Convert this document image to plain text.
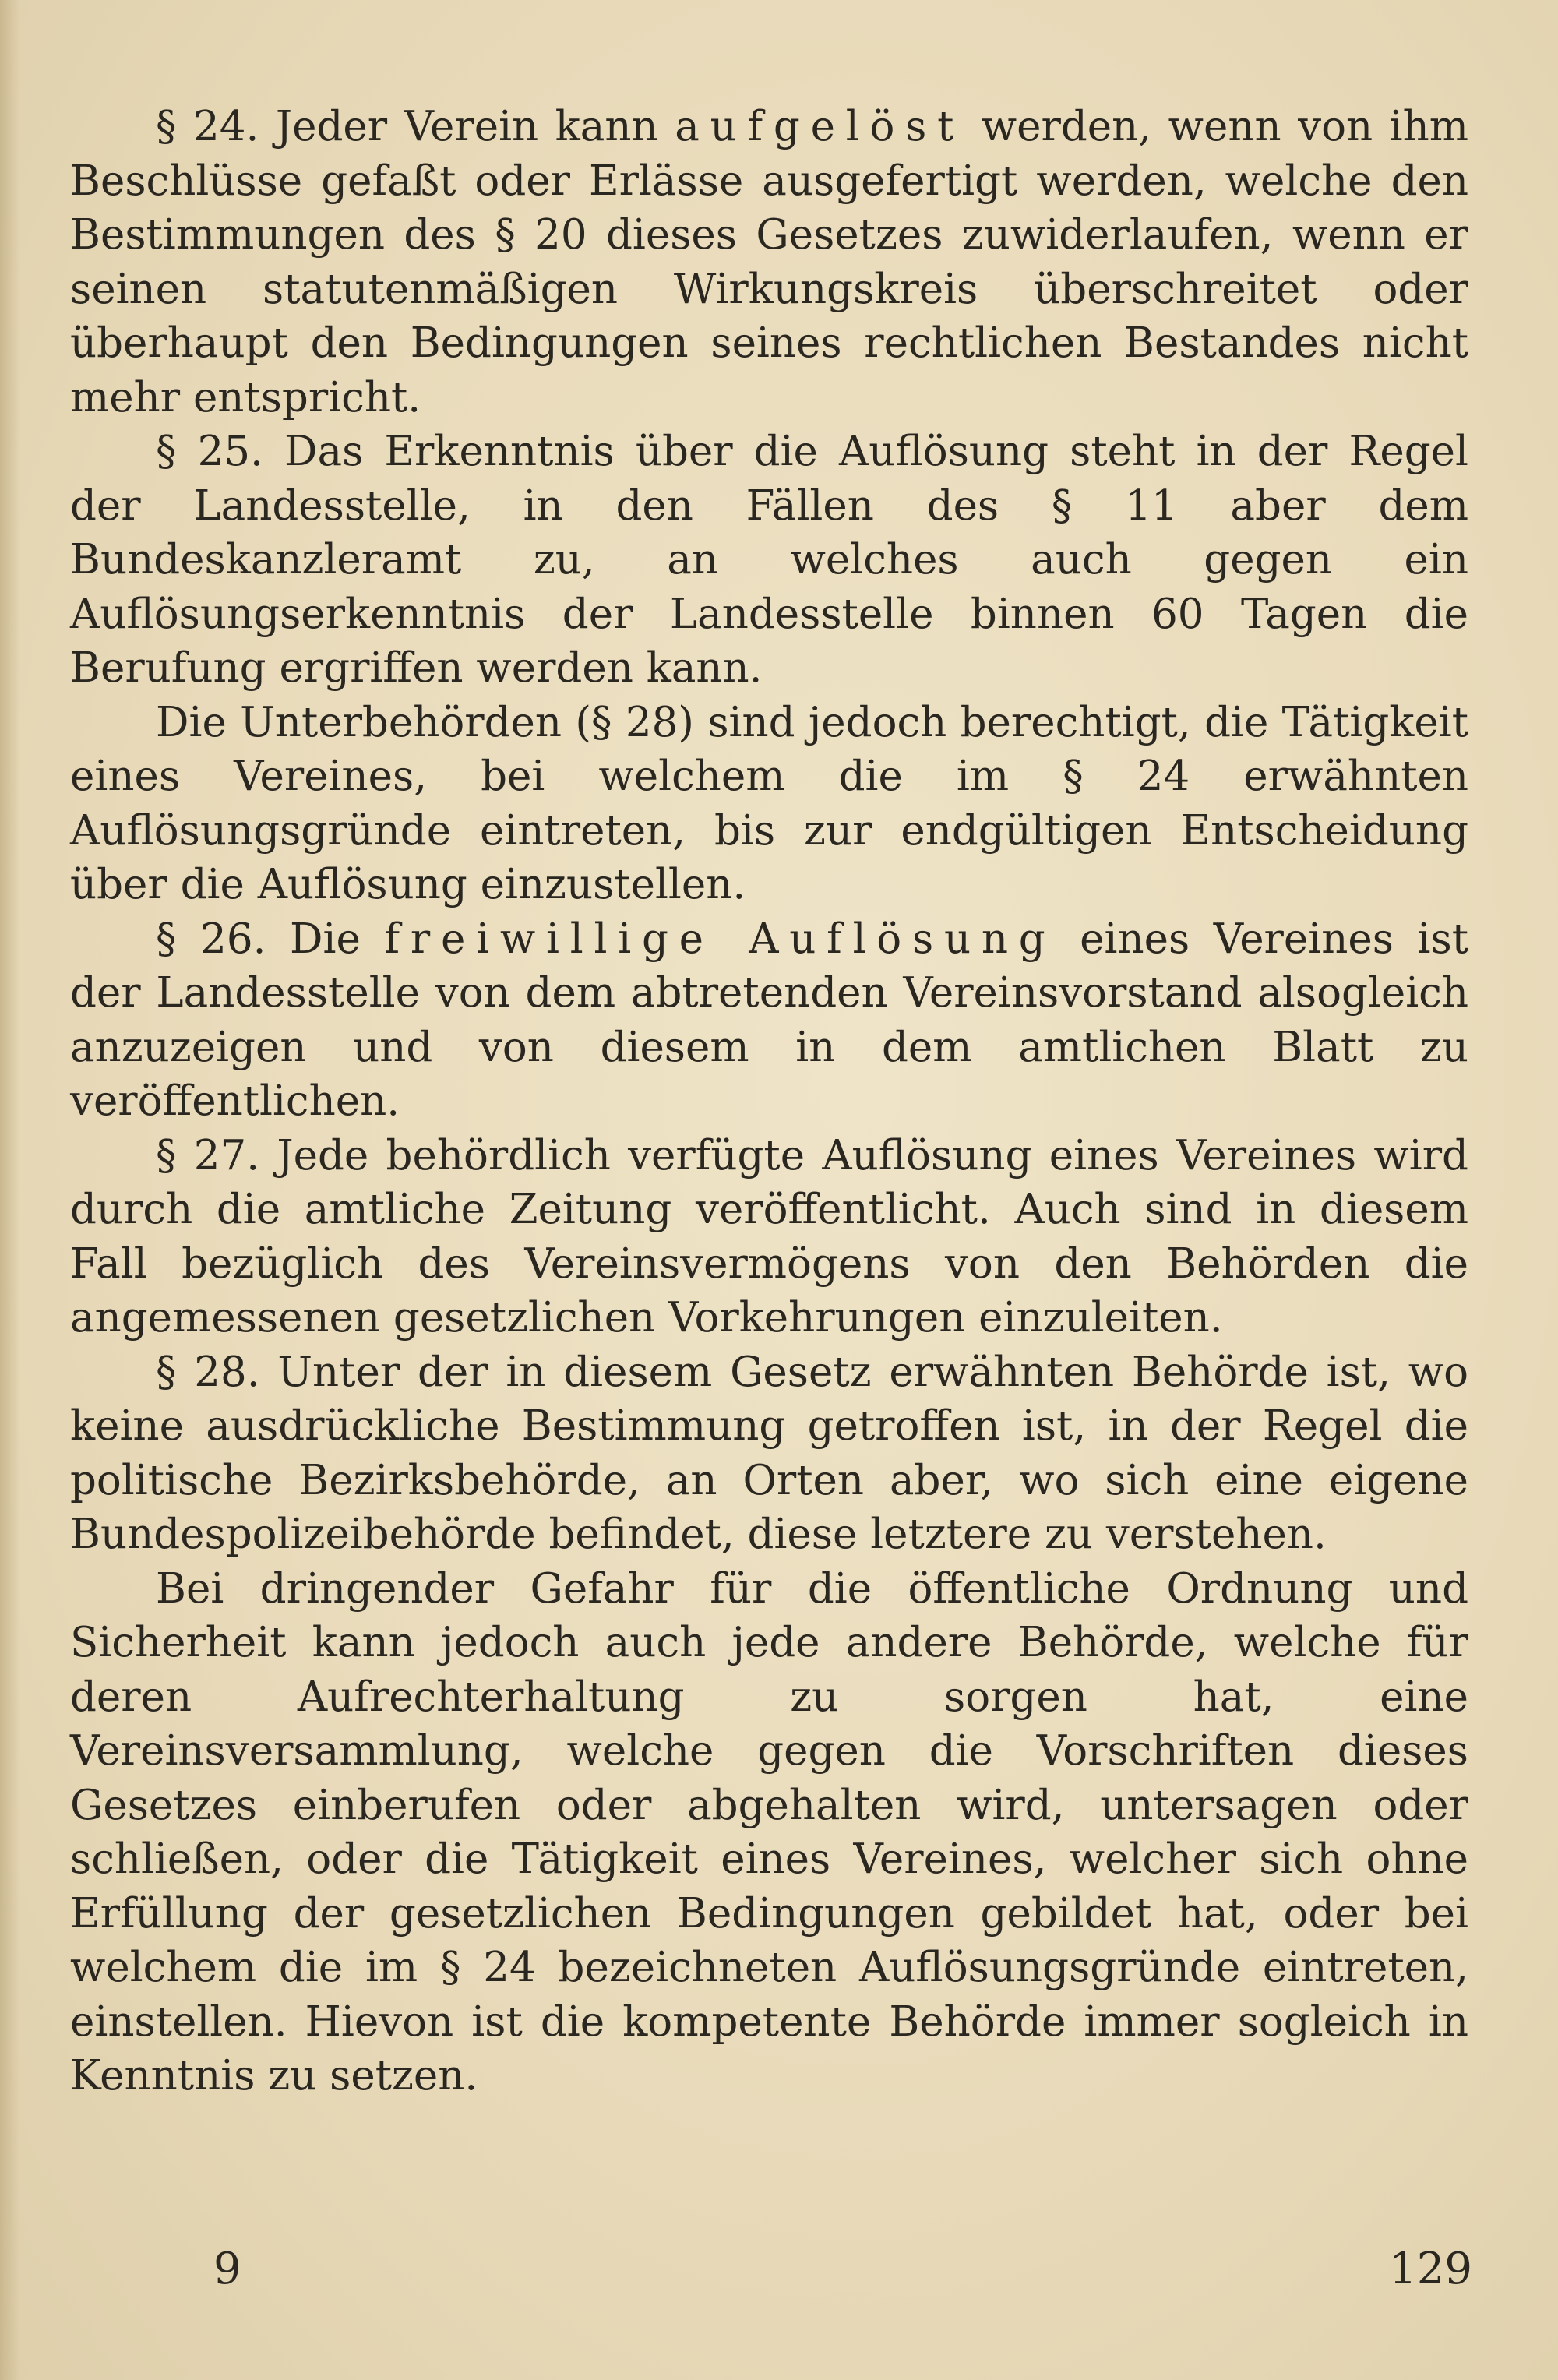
§ 24. Jeder Verein kann aufgelöst werden, wenn von ihm Beschlüsse gefaßt oder Erlässe ausgefertigt werden, welche den Bestimmungen des § 20 dieses Gesetzes zuwiderlaufen, wenn er seinen statutenmäßigen Wirkungskreis überschreitet oder überhaupt den Bedingungen seines rechtlichen Bestandes nicht mehr entspricht.

§ 25. Das Erkenntnis über die Auflösung steht in der Regel der Landesstelle, in den Fällen des § 11 aber dem Bundeskanzleramt zu, an welches auch gegen ein Auflösungserkenntnis der Landesstelle binnen 60 Tagen die Berufung ergriffen werden kann.

Die Unterbehörden (§ 28) sind jedoch berechtigt, die Tätigkeit eines Vereines, bei welchem die im § 24 erwähnten Auflösungsgründe eintreten, bis zur endgültigen Entscheidung über die Auflösung einzustellen.

§ 26. Die freiwillige Auflösung eines Vereines ist der Landesstelle von dem abtretenden Vereinsvorstand alsogleich anzuzeigen und von diesem in dem amtlichen Blatt zu veröffentlichen.

§ 27. Jede behördlich verfügte Auflösung eines Vereines wird durch die amtliche Zeitung veröffentlicht. Auch sind in diesem Fall bezüglich des Vereinsvermögens von den Behörden die angemessenen gesetzlichen Vorkehrungen einzuleiten.

§ 28. Unter der in diesem Gesetz erwähnten Behörde ist, wo keine ausdrückliche Bestimmung getroffen ist, in der Regel die politische Bezirksbehörde, an Orten aber, wo sich eine eigene Bundespolizeibehörde befindet, diese letztere zu verstehen.

Bei dringender Gefahr für die öffentliche Ordnung und Sicherheit kann jedoch auch jede andere Behörde, welche für deren Aufrechterhaltung zu sorgen hat, eine Vereinsversammlung, welche gegen die Vorschriften dieses Gesetzes einberufen oder abgehalten wird, untersagen oder schließen, oder die Tätigkeit eines Vereines, welcher sich ohne Erfüllung der gesetzlichen Bedingungen gebildet hat, oder bei welchem die im § 24 bezeichneten Auflösungsgründe eintreten, einstellen. Hievon ist die kompetente Behörde immer sogleich in Kenntnis zu setzen.

9	129
